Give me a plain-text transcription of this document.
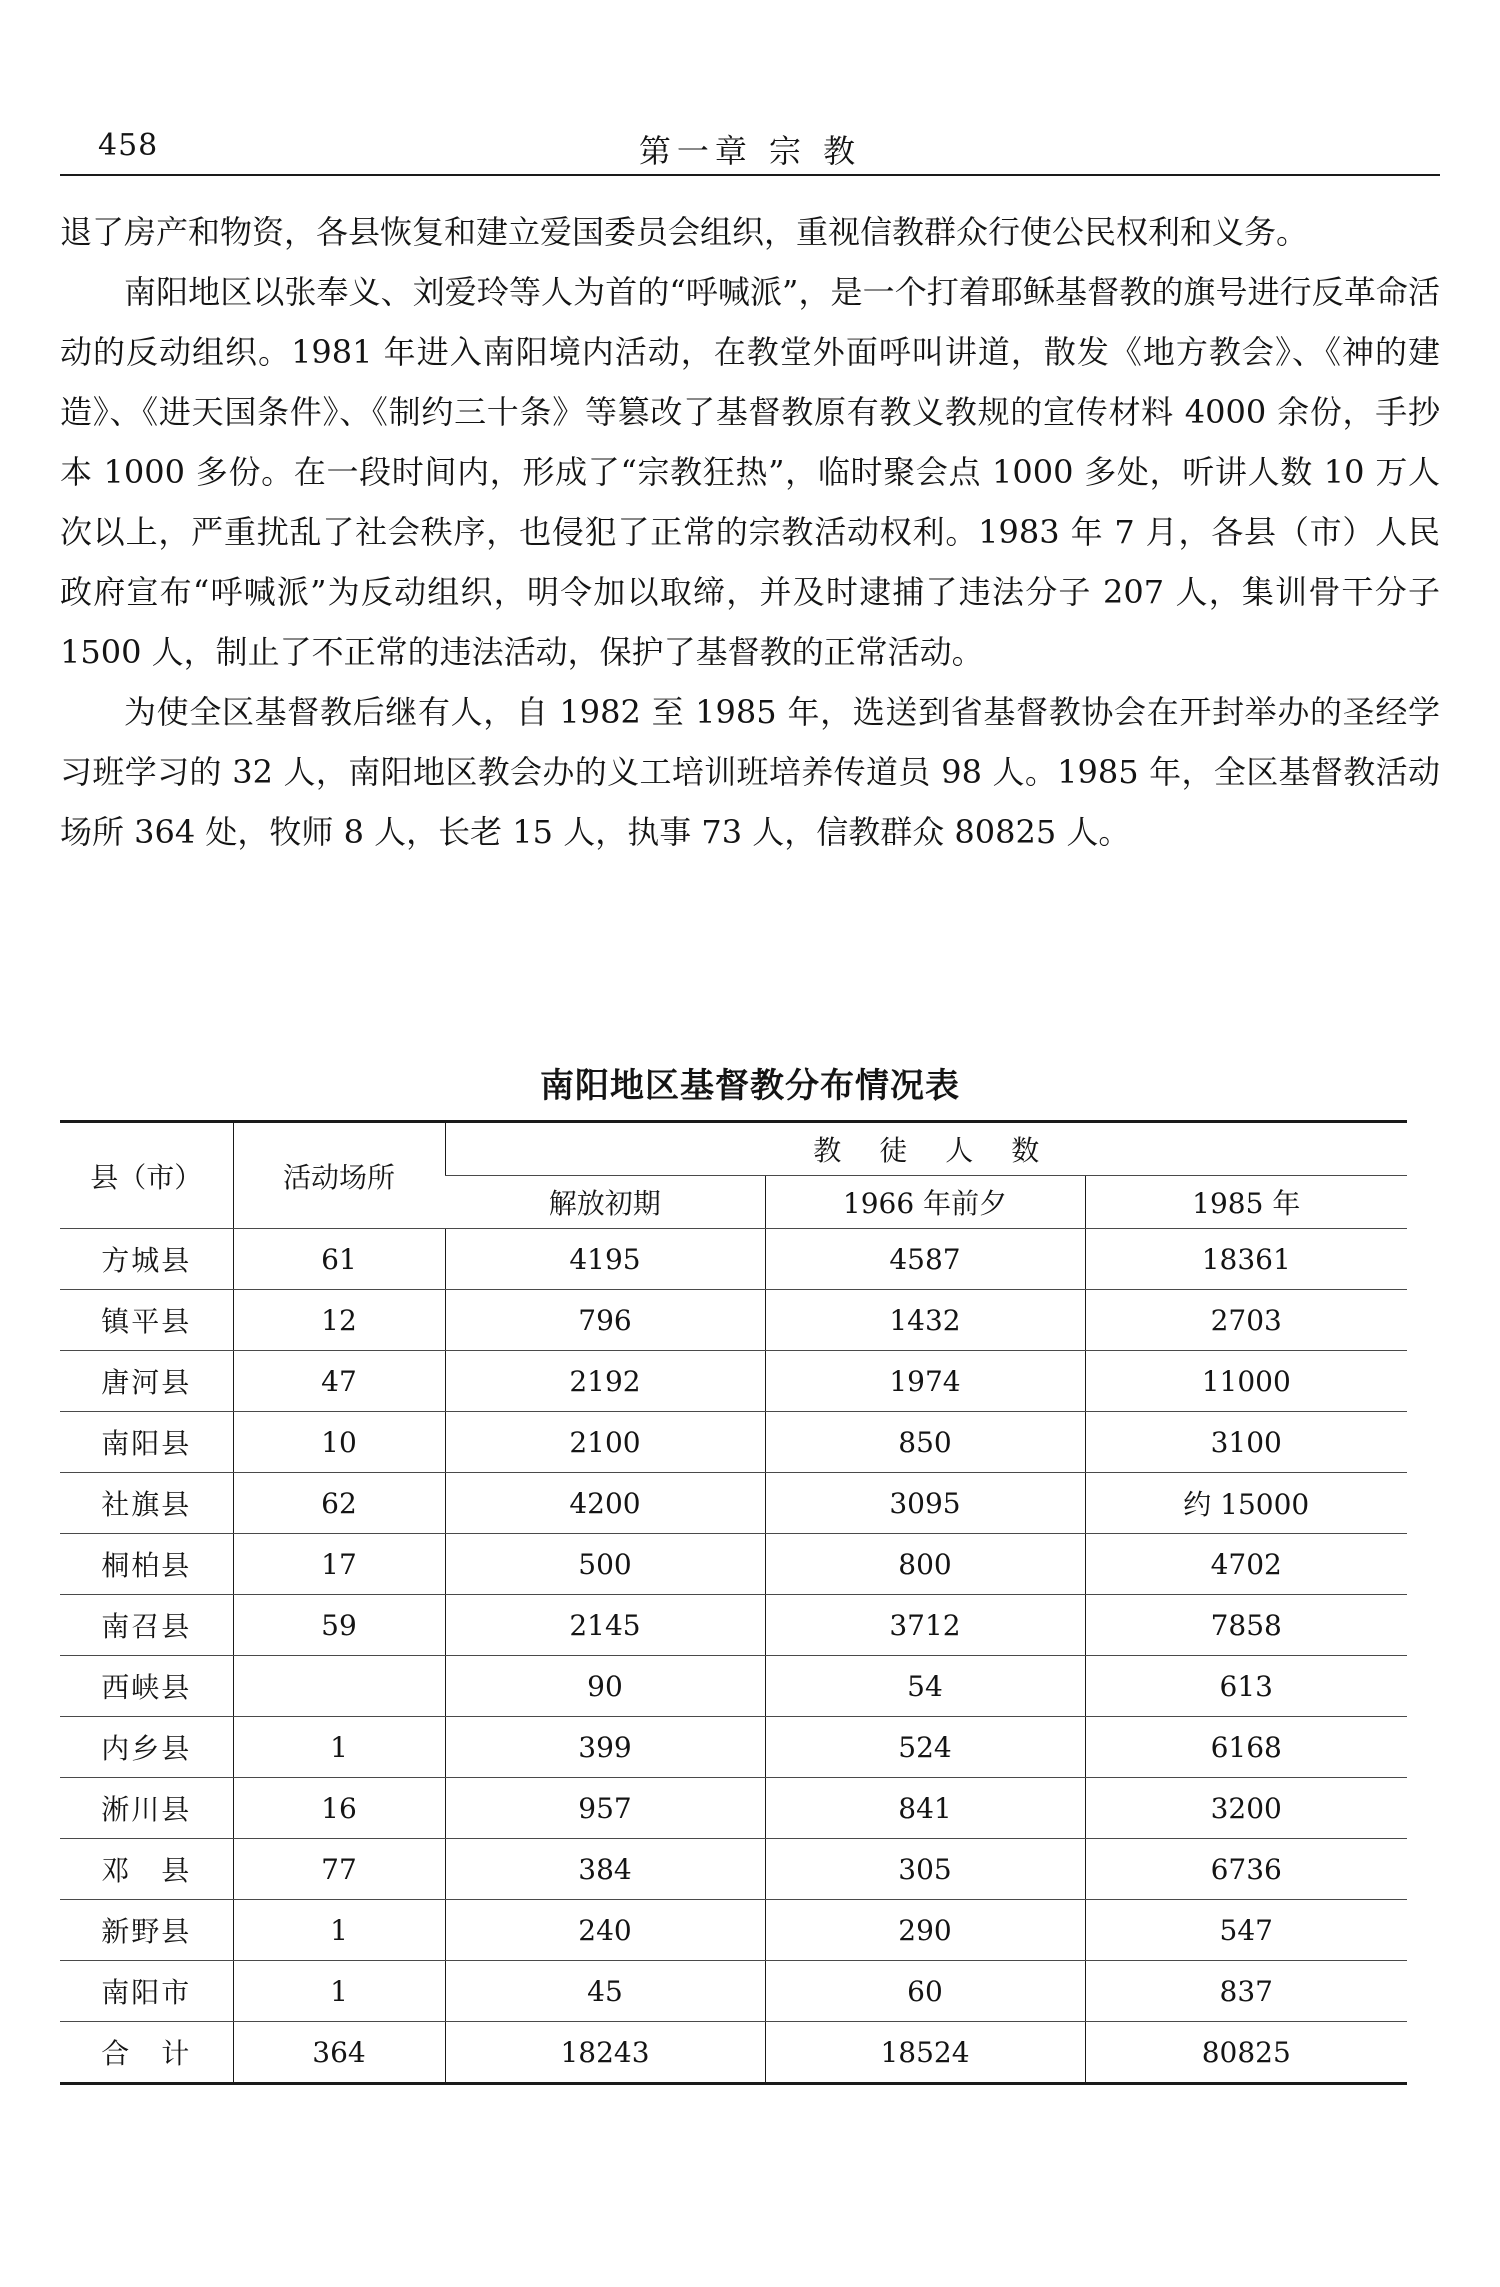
458	第一章 宗 教

退了房产和物资，各县恢复和建立爱国委员会组织，重视信教群众行使公民权利和义务。

南阳地区以张奉义、刘爱玲等人为首的“呼喊派”，是一个打着耶稣基督教的旗号进行反革命活动的反动组织。1981 年进入南阳境内活动，在教堂外面呼叫讲道，散发《地方教会》、《神的建造》、《进天国条件》、《制约三十条》等篡改了基督教原有教义教规的宣传材料 4000 余份，手抄本 1000 多份。在一段时间内，形成了“宗教狂热”，临时聚会点 1000 多处，听讲人数 10 万人次以上，严重扰乱了社会秩序，也侵犯了正常的宗教活动权利。1983 年 7 月，各县（市）人民政府宣布“呼喊派”为反动组织，明令加以取缔，并及时逮捕了违法分子 207 人，集训骨干分子 1500 人，制止了不正常的违法活动，保护了基督教的正常活动。

为使全区基督教后继有人，自 1982 至 1985 年，选送到省基督教协会在开封举办的圣经学习班学习的 32 人，南阳地区教会办的义工培训班培养传道员 98 人。1985 年，全区基督教活动场所 364 处，牧师 8 人，长老 15 人，执事 73 人，信教群众 80825 人。

南阳地区基督教分布情况表
县（市）	活动场所	教徒人数		
		解放初期	1966 年前夕	1985 年
方城县	61	4195	4587	18361
镇平县	12	796	1432	2703
唐河县	47	2192	1974	11000
南阳县	10	2100	850	3100
社旗县	62	4200	3095	约 15000
桐柏县	17	500	800	4702
南召县	59	2145	3712	7858
西峡县		90	54	613
内乡县	1	399	524	6168
淅川县	16	957	841	3200
邓　县	77	384	305	6736
新野县	1	240	290	547
南阳市	1	45	60	837
合　计	364	18243	18524	80825
